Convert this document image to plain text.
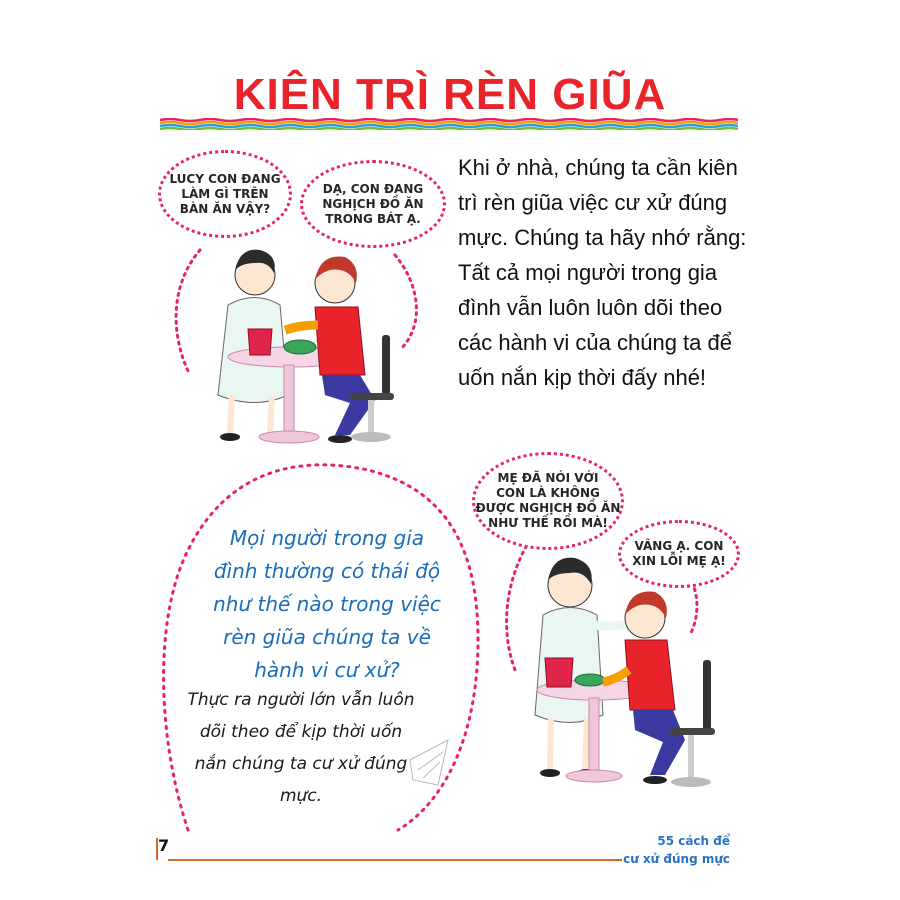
KIÊN TRÌ RÈN GIŨA
LUCY CON ĐANG
LÀM GÌ TRÊN
BÀN ĂN VẬY?
DẠ, CON ĐANG
NGHỊCH ĐỒ ĂN
TRONG BÁT Ạ.
Khi ở nhà, chúng ta cần kiên trì rèn giũa việc cư xử đúng mực. Chúng ta hãy nhớ rằng: Tất cả mọi người trong gia đình vẫn luôn luôn dõi theo các hành vi của chúng ta để uốn nắn kịp thời đấy nhé!
Mọi người trong gia đình thường có thái độ như thế nào trong việc rèn giũa chúng ta về hành vi cư xử?
Thực ra người lớn vẫn luôn dõi theo để kịp thời uốn nắn chúng ta cư xử đúng mực.
MẸ ĐÃ NÓI VỚI
CON LÀ KHÔNG
ĐƯỢC NGHỊCH ĐỒ ĂN
NHƯ THẾ RỒI MÀ!
VÂNG Ạ. CON
XIN LỖI MẸ Ạ!
7	55 cách để
cư xử đúng mực
